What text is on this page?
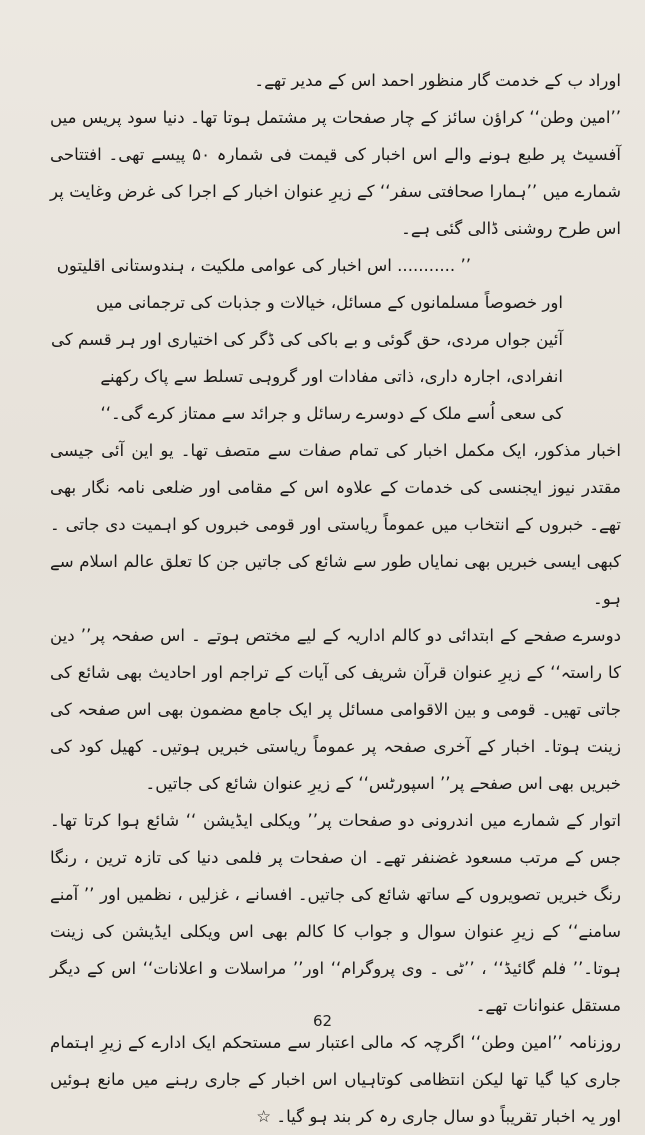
اوراد ب کے خدمت گار منظور احمد اس کے مدیر تھے۔

’’امین وطن‘‘ کراؤن سائز کے چار صفحات پر مشتمل ہوتا تھا۔ دنیا سود پریس میں آفسیٹ پر طبع ہونے والے اس اخبار کی قیمت فی شمارہ ۵۰ پیسے تھی۔ افتتاحی شمارے میں ’’ہمارا صحافتی سفر‘‘ کے زیرِ عنوان اخبار کے اجرا کی غرض وغایت پر اس طرح روشنی ڈالی گئی ہے۔

’’ ........... اس اخبار کی عوامی ملکیت ، ہندوستانی اقلیتوں

اور خصوصاً مسلمانوں کے مسائل، خیالات و جذبات کی ترجمانی میں

آئین جواں مردی، حق گوئی و بے باکی کی ڈگر کی اختیاری اور ہر قسم کی

انفرادی، اجارہ داری، ذاتی مفادات اور گروہی تسلط سے پاک رکھنے

کی سعی اُسے ملک کے دوسرے رسائل و جرائد سے ممتاز کرے گی۔‘‘

اخبار مذکور، ایک مکمل اخبار کی تمام صفات سے متصف تھا۔ یو این آئی جیسی مقتدر نیوز ایجنسی کی خدمات کے علاوہ اس کے مقامی اور ضلعی نامہ نگار بھی تھے۔ خبروں کے انتخاب میں عموماً ریاستی اور قومی خبروں کو اہمیت دی جاتی ۔ کبھی ایسی خبریں بھی نمایاں طور سے شائع کی جاتیں جن کا تعلق عالم اسلام سے ہو۔

دوسرے صفحے کے ابتدائی دو کالم اداریہ کے لیے مختص ہوتے ۔ اس صفحہ پر’’ دین کا راستہ‘‘ کے زیرِ عنوان قرآن شریف کی آیات کے تراجم اور احادیث بھی شائع کی جاتی تھیں۔ قومی و بین الاقوامی مسائل پر ایک جامع مضمون بھی اس صفحہ کی زینت ہوتا۔ اخبار کے آخری صفحہ پر عموماً ریاستی خبریں ہوتیں۔ کھیل کود کی خبریں بھی اس صفحے پر’’ اسپورٹس‘‘ کے زیرِ عنوان شائع کی جاتیں۔

اتوار کے شمارے میں اندرونی دو صفحات پر’’ ویکلی ایڈیشن ‘‘ شائع ہوا کرتا تھا۔ جس کے مرتب مسعود غضنفر تھے۔ ان صفحات پر فلمی دنیا کی تازہ ترین ، رنگا رنگ خبریں تصویروں کے ساتھ شائع کی جاتیں۔ افسانے ، غزلیں ، نظمیں اور ’’ آمنے سامنے‘‘ کے زیرِ عنوان سوال و جواب کا کالم بھی اس ویکلی ایڈیشن کی زینت ہوتا۔’’ فلم گائیڈ‘‘ ، ’’ٹی ۔ وی پروگرام‘‘ اور’’ مراسلات و اعلانات‘‘ اس کے دیگر مستقل عنوانات تھے۔

روزنامہ ’’امین وطن‘‘ اگرچہ کہ مالی اعتبار سے مستحکم ایک ادارے کے زیرِ اہتمام جاری کیا گیا تھا لیکن انتظامی کوتاہیاں اس اخبار کے جاری رہنے میں مانع ہوئیں اور یہ اخبار تقریباً دو سال جاری رہ کر بند ہو گیا۔ ☆

62
